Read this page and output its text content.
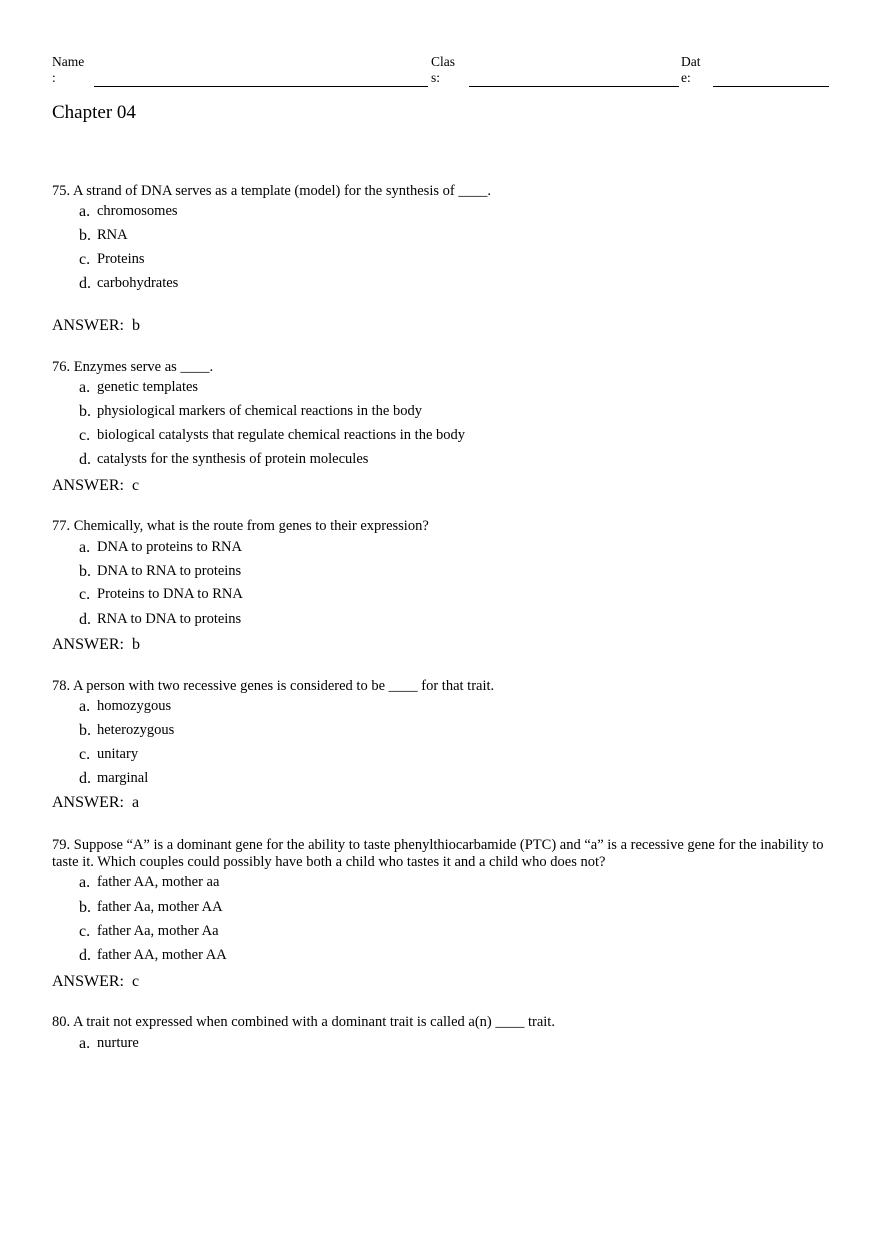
Name
:
Clas
s:
Dat
e:
Chapter 04

75. A strand of DNA serves as a template (model) for the synthesis of ____.

a. chromosomes
b. RNA
c. Proteins
d. carbohydrates
ANSWER:  b

76. Enzymes serve as ____.

a. genetic templates
b. physiological markers of chemical reactions in the body
c. biological catalysts that regulate chemical reactions in the body
d. catalysts for the synthesis of protein molecules
ANSWER:  c

77. Chemically, what is the route from genes to their expression?

a. DNA to proteins to RNA
b. DNA to RNA to proteins
c. Proteins to DNA to RNA
d. RNA to DNA to proteins
ANSWER:  b

78. A person with two recessive genes is considered to be ____ for that trait.

a. homozygous
b. heterozygous
c. unitary
d. marginal
ANSWER:  a

79. Suppose “A” is a dominant gene for the ability to taste phenylthiocarbamide (PTC) and “a” is a recessive gene for the inability to taste it. Which couples could possibly have both a child who tastes it and a child who does not?

a. father AA, mother aa
b. father Aa, mother AA
c. father Aa, mother Aa
d. father AA, mother AA
ANSWER:  c

80. A trait not expressed when combined with a dominant trait is called a(n) ____ trait.

a. nurture
